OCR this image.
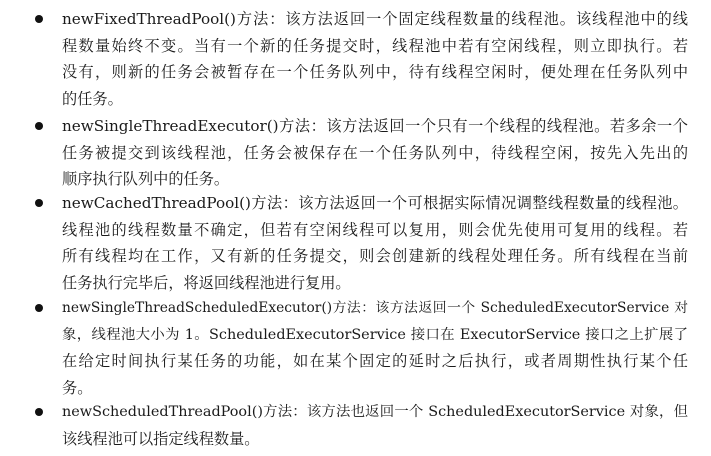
newFixedThreadPool()方法：该方法返回一个固定线程数量的线程池。该线程池中的线
程数量始终不变。当有一个新的任务提交时，线程池中若有空闲线程，则立即执行。若
没有，则新的任务会被暂存在一个任务队列中，待有线程空闲时，便处理在任务队列中
的任务。
newSingleThreadExecutor()方法：该方法返回一个只有一个线程的线程池。若多余一个
任务被提交到该线程池，任务会被保存在一个任务队列中，待线程空闲，按先入先出的
顺序执行队列中的任务。
newCachedThreadPool()方法：该方法返回一个可根据实际情况调整线程数量的线程池。
线程池的线程数量不确定，但若有空闲线程可以复用，则会优先使用可复用的线程。若
所有线程均在工作，又有新的任务提交，则会创建新的线程处理任务。所有线程在当前
任务执行完毕后，将返回线程池进行复用。
newSingleThreadScheduledExecutor()方法：该方法返回一个 ScheduledExecutorService 对
象，线程池大小为 1。ScheduledExecutorService 接口在 ExecutorService 接口之上扩展了
在给定时间执行某任务的功能，如在某个固定的延时之后执行，或者周期性执行某个任
务。
newScheduledThreadPool()方法：该方法也返回一个 ScheduledExecutorService 对象，但
该线程池可以指定线程数量。
